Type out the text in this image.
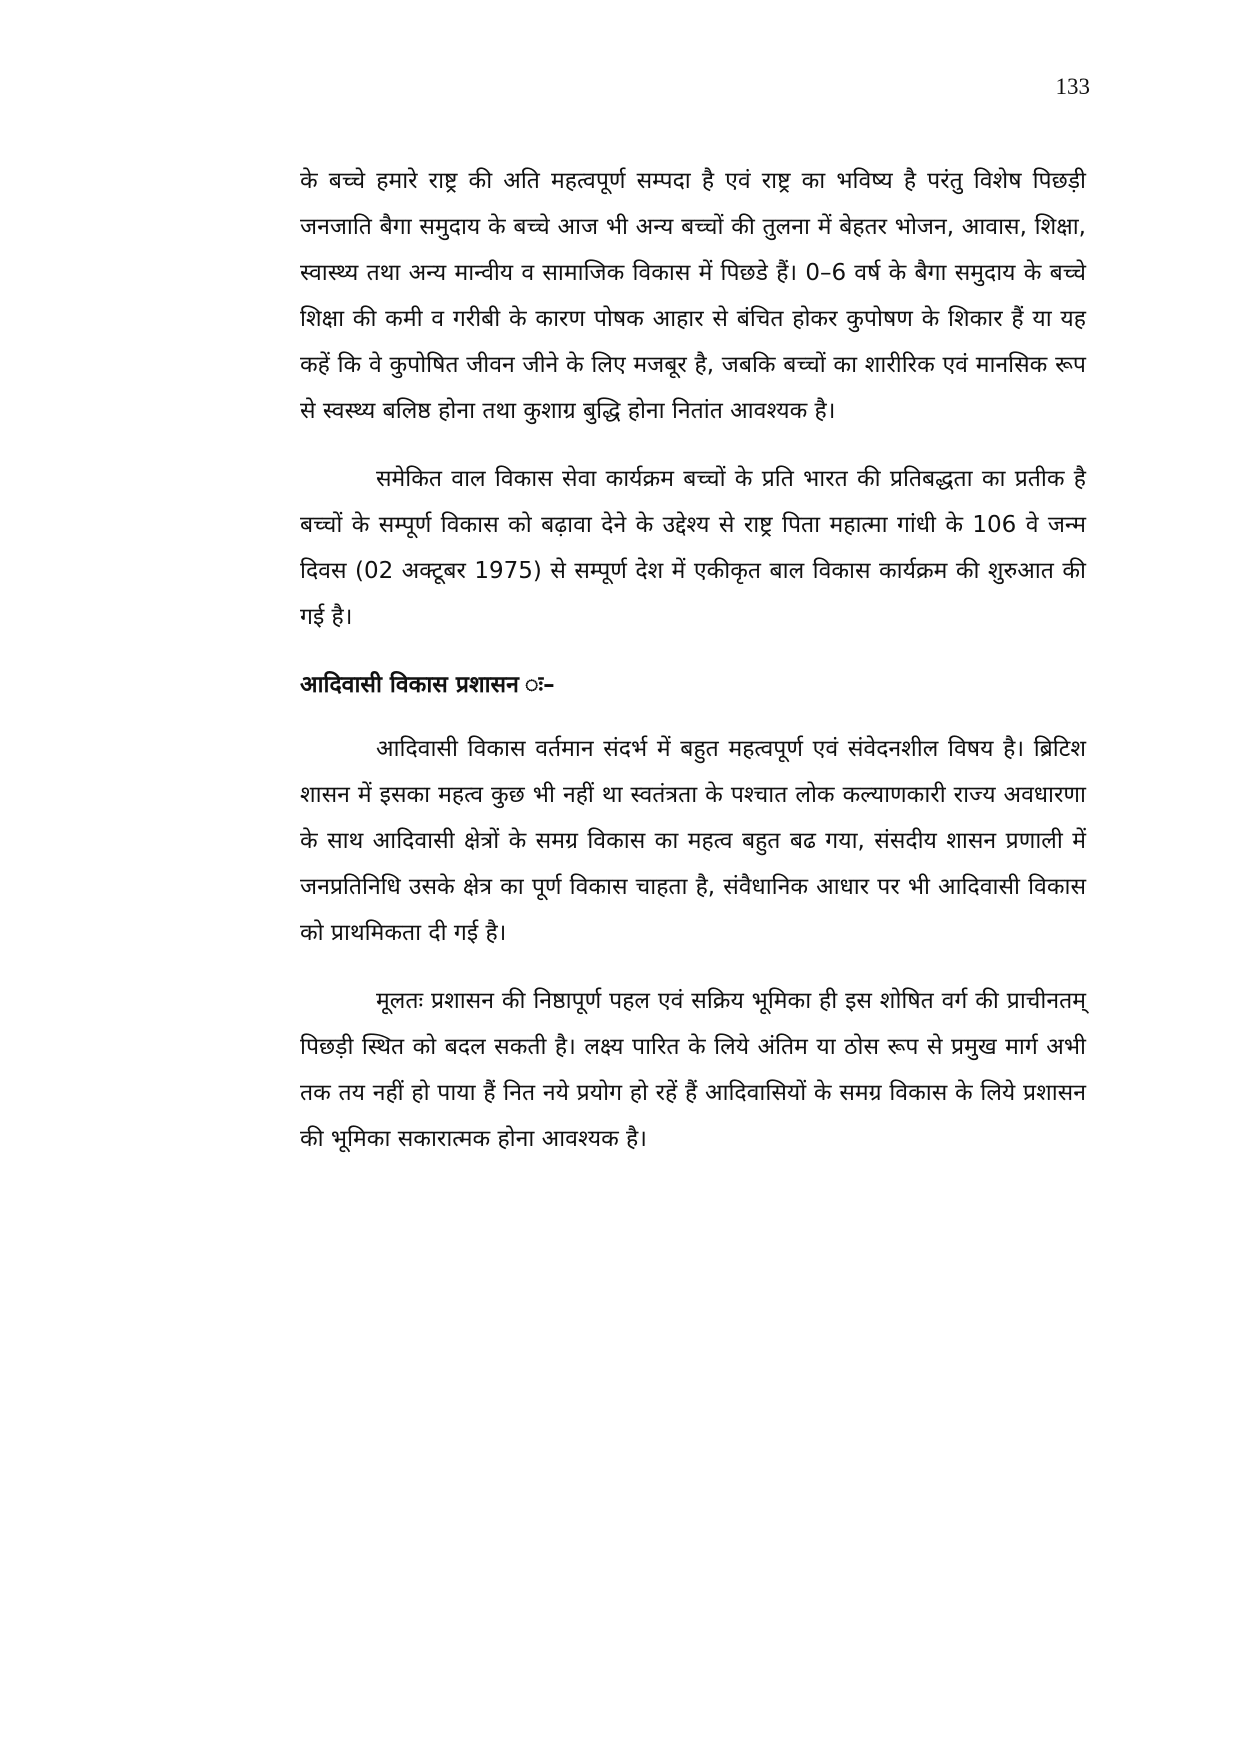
133

के बच्चे हमारे राष्ट्र की अति महत्वपूर्ण सम्पदा है एवं राष्ट्र का भविष्य है परंतु विशेष पिछड़ी जनजाति बैगा समुदाय के बच्चे आज भी अन्य बच्चों की तुलना में बेहतर भोजन, आवास, शिक्षा, स्वास्थ्य तथा अन्य मान्वीय व सामाजिक विकास में पिछडे हैं। 0–6 वर्ष के बैगा समुदाय के बच्चे शिक्षा की कमी व गरीबी के कारण पोषक आहार से बंचित होकर कुपोषण के शिकार हैं या यह कहें कि वे कुपोषित जीवन जीने के लिए मजबूर है, जबकि बच्चों का शारीरिक एवं मानसिक रूप से स्वस्थ्य बलिष्ठ होना तथा कुशाग्र बुद्धि होना नितांत आवश्यक है।

समेकित वाल विकास सेवा कार्यक्रम बच्चों के प्रति भारत की प्रतिबद्धता का प्रतीक है बच्चों के सम्पूर्ण विकास को बढ़ावा देने के उद्देश्य से राष्ट्र पिता महात्मा गांधी के 106 वे जन्म दिवस (02 अक्टूबर 1975) से सम्पूर्ण देश में एकीकृत बाल विकास कार्यक्रम की शुरुआत की गई है।

आदिवासी विकास प्रशासन ः–

आदिवासी विकास वर्तमान संदर्भ में बहुत महत्वपूर्ण एवं संवेदनशील विषय है। ब्रिटिश शासन में इसका महत्व कुछ भी नहीं था स्वतंत्रता के पश्चात लोक कल्याणकारी राज्य अवधारणा के साथ आदिवासी क्षेत्रों के समग्र विकास का महत्व बहुत बढ गया, संसदीय शासन प्रणाली में जनप्रतिनिधि उसके क्षेत्र का पूर्ण विकास चाहता है, संवैधानिक आधार पर भी आदिवासी विकास को प्राथमिकता दी गई है।

मूलतः प्रशासन की निष्ठापूर्ण पहल एवं सक्रिय भूमिका ही इस शोषित वर्ग की प्राचीनतम् पिछड़ी स्थित को बदल सकती है। लक्ष्य पारित के लिये अंतिम या ठोस रूप से प्रमुख मार्ग अभी तक तय नहीं हो पाया हैं नित नये प्रयोग हो रहें हैं आदिवासियों के समग्र विकास के लिये प्रशासन की भूमिका सकारात्मक होना आवश्यक है।
